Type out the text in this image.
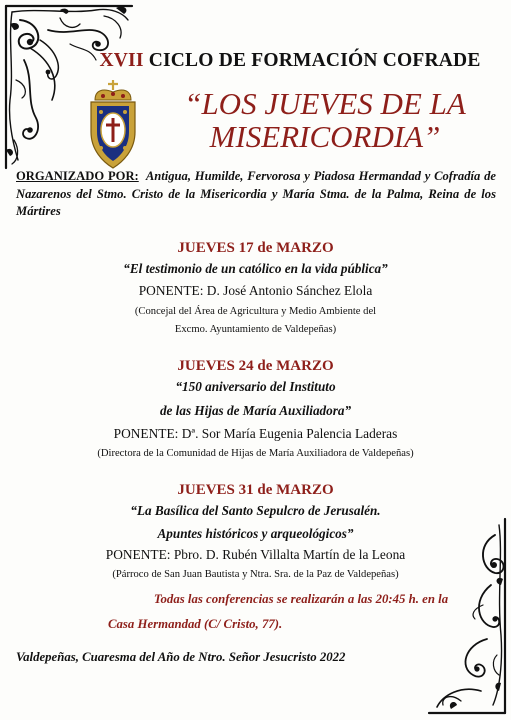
XVII CICLO DE FORMACIÓN COFRADE
“LOS JUEVES DE LA
MISERICORDIA”
ORGANIZADO POR: Antigua, Humilde, Fervorosa y Piadosa Hermandad y Cofradía de Nazarenos del Stmo. Cristo de la Misericordia y María Stma. de la Palma, Reina de los Mártires
JUEVES 17 de MARZO
“El testimonio de un católico en la vida pública”
PONENTE: D. José Antonio Sánchez Elola
(Concejal del Área de Agricultura y Medio Ambiente del
Excmo. Ayuntamiento de Valdepeñas)
JUEVES 24 de MARZO
“150 aniversario del Instituto
de las Hijas de María Auxiliadora”
PONENTE: Dª. Sor María Eugenia Palencia Laderas
(Directora de la Comunidad de Hijas de María Auxiliadora de Valdepeñas)
JUEVES 31 de MARZO
“La Basílica del Santo Sepulcro de Jerusalén.
Apuntes históricos y arqueológicos”
PONENTE: Pbro. D. Rubén Villalta Martín de la Leona
(Párroco de San Juan Bautista y Ntra. Sra. de la Paz de Valdepeñas)
Todas las conferencias se realizarán a las 20:45 h. en la
Casa Hermandad (C/ Cristo, 77).
Valdepeñas, Cuaresma del Año de Ntro. Señor Jesucristo 2022
